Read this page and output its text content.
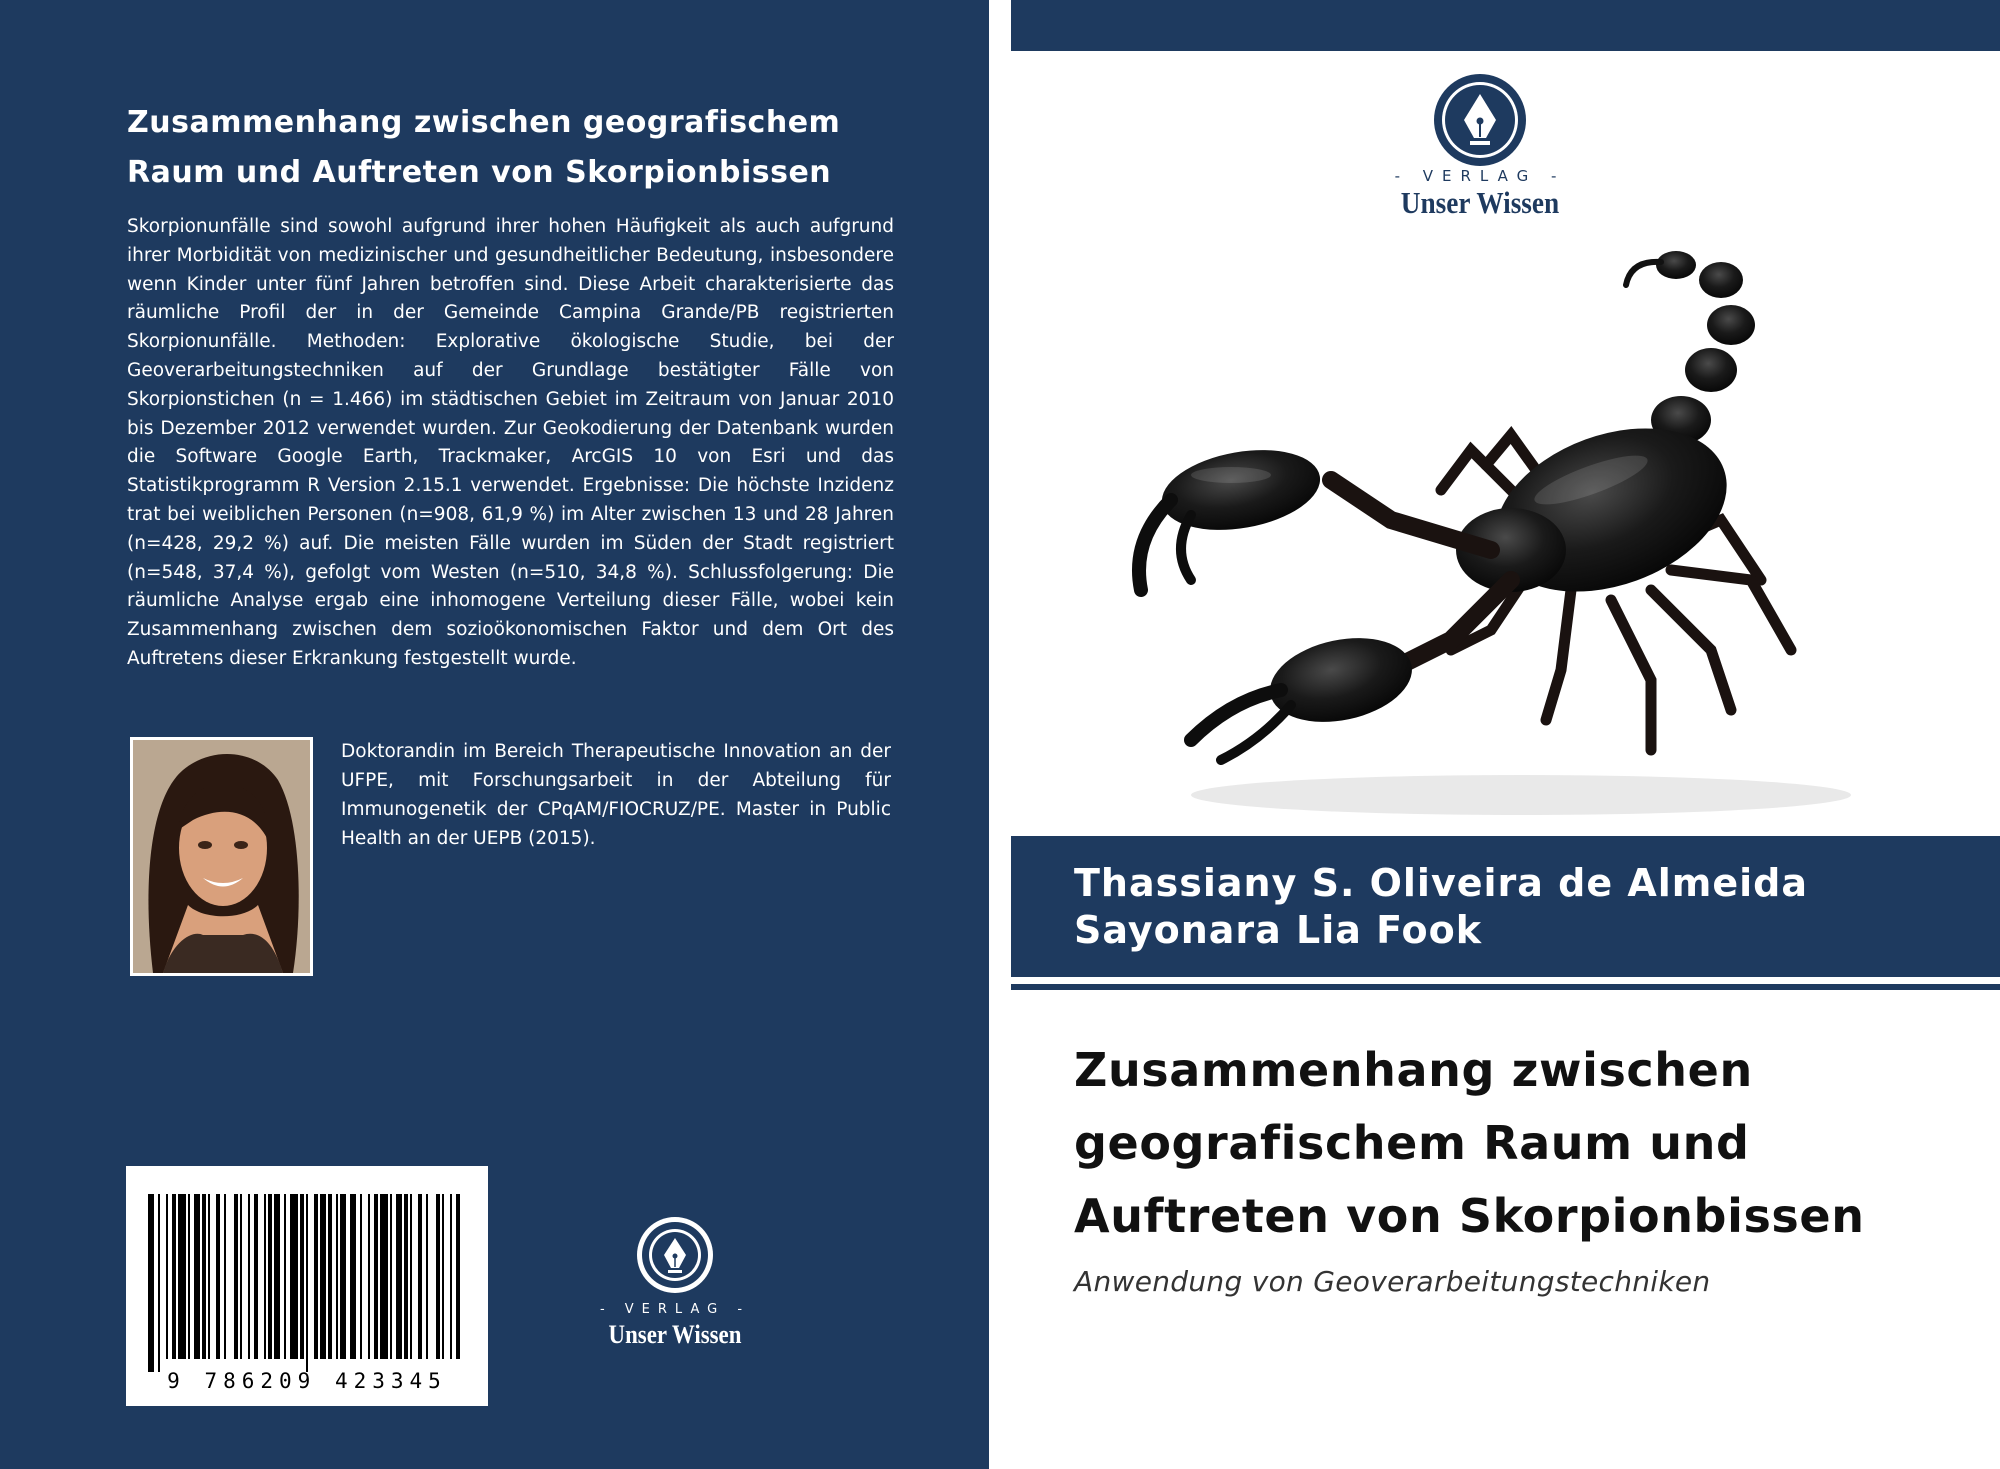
Zusammenhang zwischen geografischem
Raum und Auftreten von Skorpionbissen

Skorpionunfälle sind sowohl aufgrund ihrer hohen Häufigkeit als auch aufgrund ihrer Morbidität von medizinischer und gesundheitlicher Bedeutung, insbesondere wenn Kinder unter fünf Jahren betroffen sind. Diese Arbeit charakterisierte das räumliche Profil der in der Gemeinde Campina Grande/PB registrierten Skorpionunfälle. Methoden: Explorative ökologische Studie, bei der Geoverarbeitungstechniken auf der Grundlage bestätigter Fälle von Skorpionstichen (n = 1.466) im städtischen Gebiet im Zeitraum von Januar 2010 bis Dezember 2012 verwendet wurden. Zur Geokodierung der Datenbank wurden die Software Google Earth, Trackmaker, ArcGIS 10 von Esri und das Statistikprogramm R Version 2.15.1 verwendet. Ergebnisse: Die höchste Inzidenz trat bei weiblichen Personen (n=908, 61,9 %) im Alter zwischen 13 und 28 Jahren (n=428, 29,2 %) auf. Die meisten Fälle wurden im Süden der Stadt registriert (n=548, 37,4 %), gefolgt vom Westen (n=510, 34,8 %). Schlussfolgerung: Die räumliche Analyse ergab eine inhomogene Verteilung dieser Fälle, wobei kein Zusammenhang zwischen dem sozioökonomischen Faktor und dem Ort des Auftretens dieser Erkrankung festgestellt wurde.

Doktorandin im Bereich Therapeutische Innovation an der UFPE, mit Forschungsarbeit in der Abteilung für Immunogenetik der CPqAM/FIOCRUZ/PE. Master in Public Health an der UEPB (2015).

9 786209 423345
- VERLAG -
Unser Wissen
- VERLAG -
Unser Wissen
Thassiany S. Oliveira de Almeida
Sayonara Lia Fook
Zusammenhang zwischen
geografischem Raum und
Auftreten von Skorpionbissen

Anwendung von Geoverarbeitungstechniken
